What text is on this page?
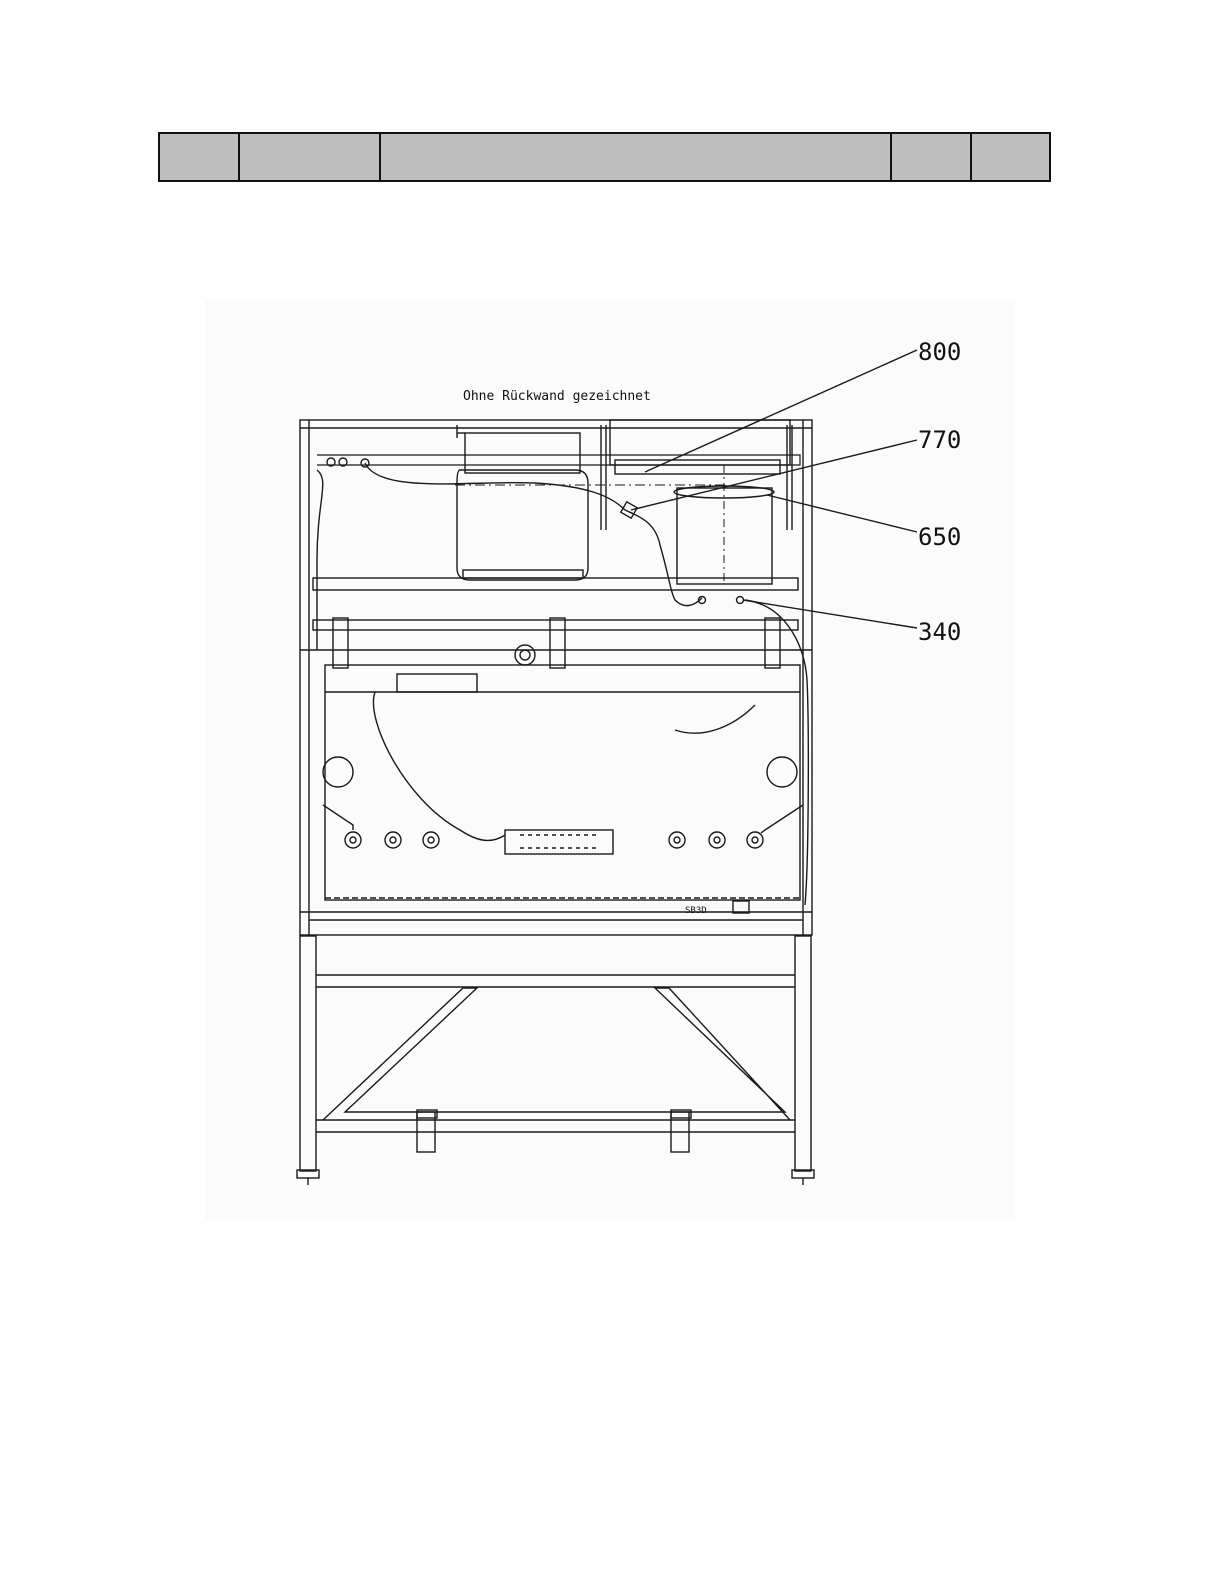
Ohne Rückwand gezeichnet
SB3D
800
770
650
340
